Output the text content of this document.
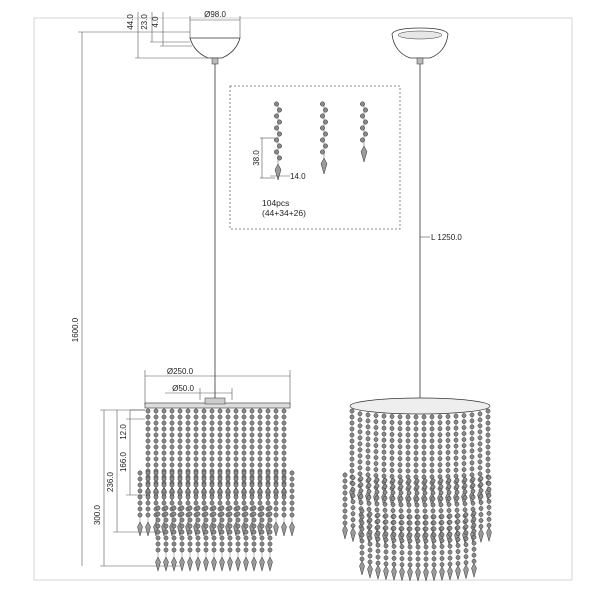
44.0 23.0 4.0
Ø98.0
1600.0
Ø250.0
Ø50.0
300.0
236.0
166.0
12.0
38.0
14.0
104pcs
(44+34+26)
L 1250.0
